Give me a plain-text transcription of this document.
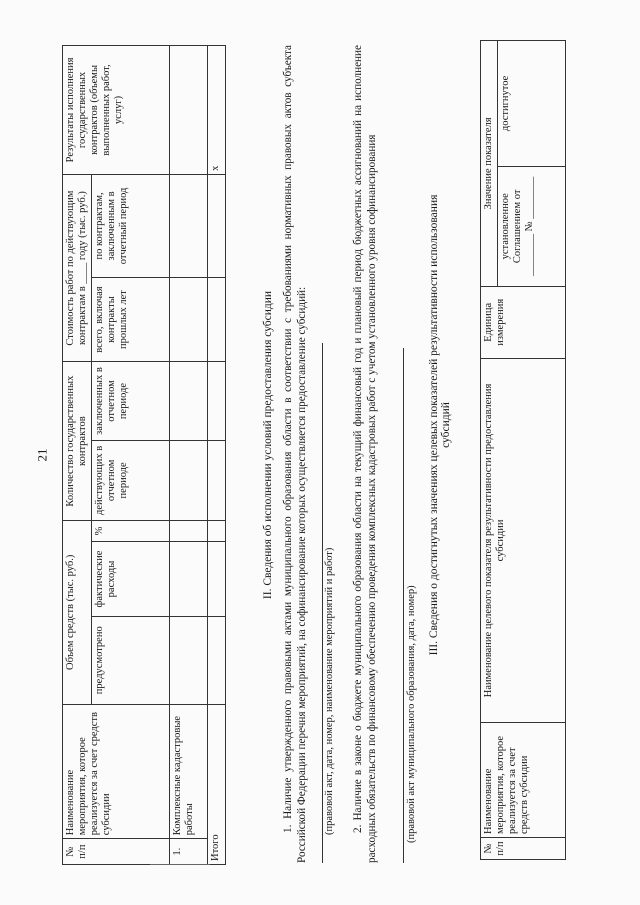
21
№ п/п	Наименование мероприятия, которое реализуется за счет средств субсидии	Объем средств (тыс. руб.)			Количество государственных контрактов		Стоимость работ по действующим контрактам в ____ году (тыс. руб.)		Результаты исполнения государственных контрактов (объемы выполненных работ, услуг)
		предусмотрено	фактические расходы	%	действующих в отчетном периоде	заключенных в отчетном периоде	всего, включая контракты прошлых лет	по контрактам, заключенным в отчетный период	
1.	Комплексные кадастровые работы								
Итого									x
II. Сведения об исполнении условий предоставления субсидии 1. Наличие утвержденного правовыми актами муниципального образования области в соответствии с требованиями нормативных правовых актов субъекта Российской Федерации перечня мероприятий, на софинансирование которых осуществляется предоставление субсидий: (правовой акт, дата, номер, наименование мероприятий и работ) 2. Наличие в законе о бюджете муниципального образования области на текущий финансовый год и плановый период бюджетных ассигнований на исполнение расходных обязательств по финансовому обеспечению проведения комплексных кадастровых работ с учетом установленного уровня софинансирования	(правовой акт муниципального образования, дата, номер)
III. Сведения о достигнутых значениях целевых показателей результативности использования субсидий
№ п/п	Наименование мероприятия, которое реализуется за счет средств субсидии	Наименование целевого показателя результативности предоставления субсидии	Единица измерения	Значение показателя	
				установленное Соглашением от ________ № ________	достигнутое
